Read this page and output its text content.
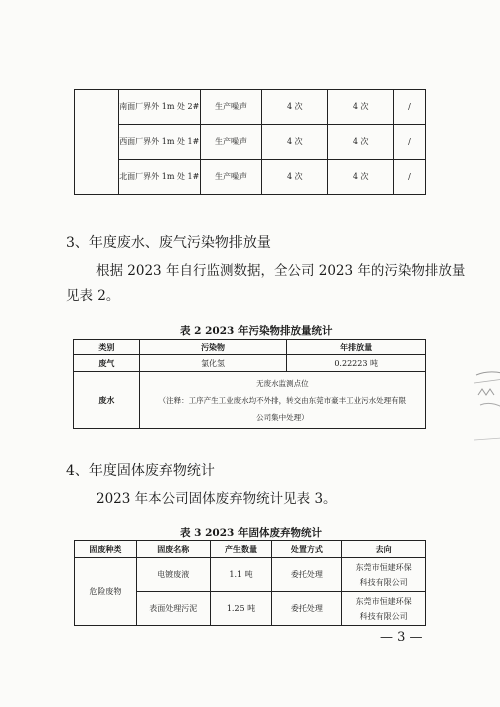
	南面厂界外 1m 处 2#	生产噪声	4 次	4 次	/
	西面厂界外 1m 处 1#	生产噪声	4 次	4 次	/
	北面厂界外 1m 处 1#	生产噪声	4 次	4 次	/
3、年度废水、废气污染物排放量
根据 2023 年自行监测数据，全公司 2023 年的污染物排放量
见表 2。
表 2 2023 年污染物排放量统计
类别	污染物	年排放量
废气	氯化氢	0.22223 吨
废水	无废水监测点位
（注释：工序产生工业废水均不外排，转交由东莞市豪丰工业污水处理有限
公司集中处理）	
4、年度固体废弃物统计
2023 年本公司固体废弃物统计见表 3。
表 3 2023 年固体废弃物统计
固废种类	固废名称	产生数量	处置方式	去向
危险废物	电镀废液	1.1 吨	委托处理	东莞市恒建环保
科技有限公司

	表面处理污泥	1.25 吨	委托处理	东莞市恒建环保
科技有限公司
— 3 —
